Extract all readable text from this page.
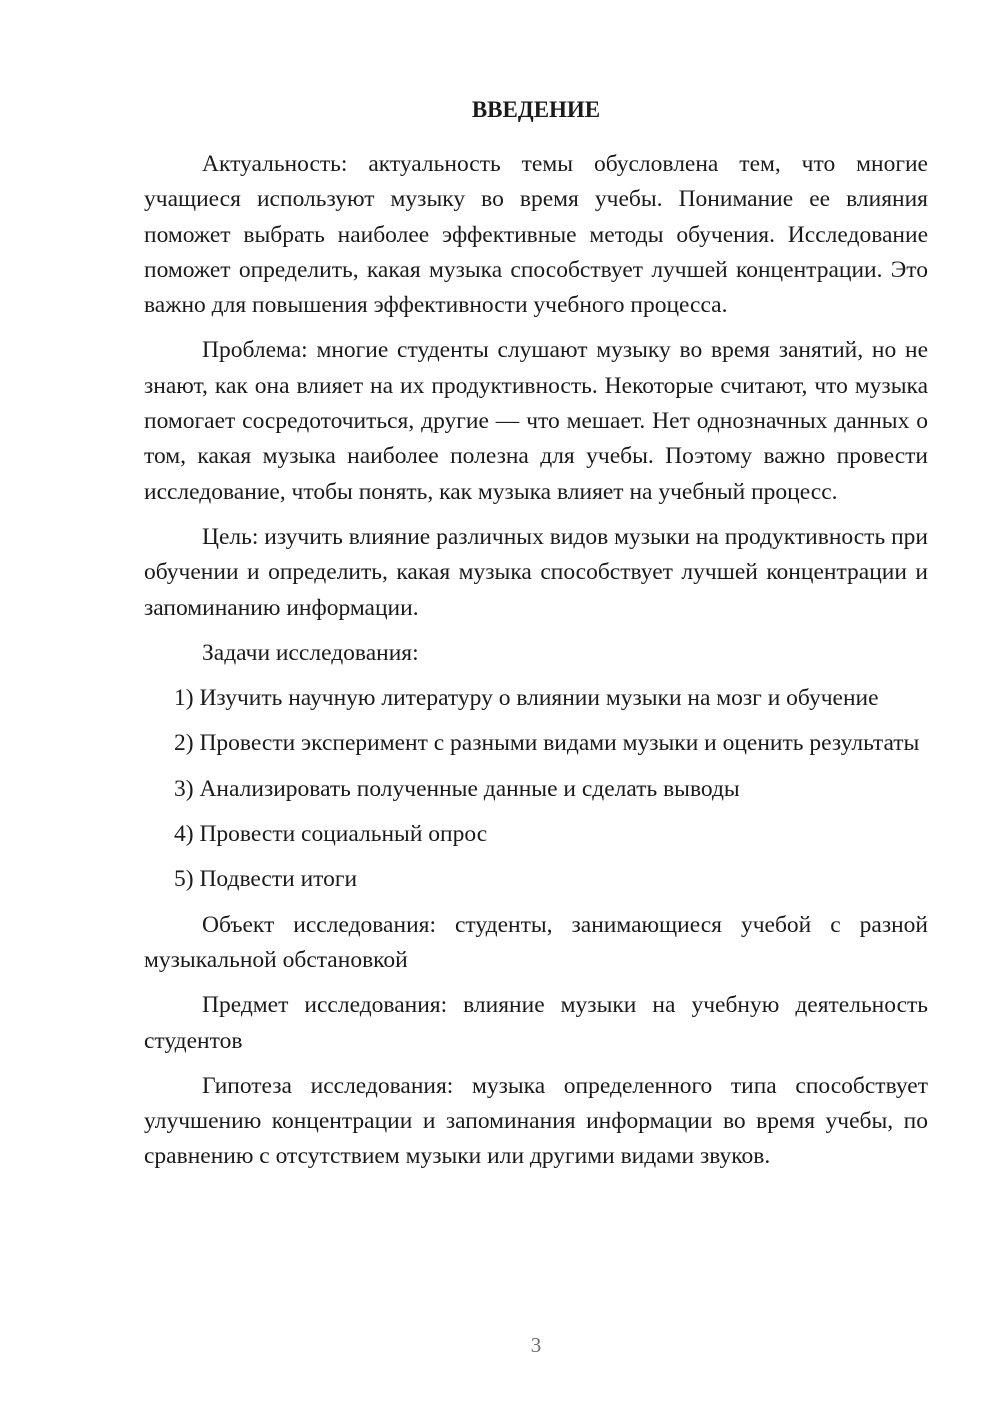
ВВЕДЕНИЕ

Актуальность: актуальность темы обусловлена тем, что многие учащиеся используют музыку во время учебы. Понимание ее влияния поможет выбрать наиболее эффективные методы обучения. Исследование поможет определить, какая музыка способствует лучшей концентрации. Это важно для повышения эффективности учебного процесса.

Проблема: многие студенты слушают музыку во время занятий, но не знают, как она влияет на их продуктивность. Некоторые считают, что музыка помогает сосредоточиться, другие — что мешает. Нет однозначных данных о том, какая музыка наиболее полезна для учебы. Поэтому важно провести исследование, чтобы понять, как музыка влияет на учебный процесс.

Цель: изучить влияние различных видов музыки на продуктивность при обучении и определить, какая музыка способствует лучшей концентрации и запоминанию информации.

Задачи исследования:

1) Изучить научную литературу о влиянии музыки на мозг и обучение

2) Провести эксперимент с разными видами музыки и оценить результаты

3) Анализировать полученные данные и сделать выводы

4) Провести социальный опрос

5) Подвести итоги

Объект исследования: студенты, занимающиеся учебой с разной музыкальной обстановкой

Предмет исследования: влияние музыки на учебную деятельность студентов

Гипотеза исследования: музыка определенного типа способствует улучшению концентрации и запоминания информации во время учебы, по сравнению с отсутствием музыки или другими видами звуков.

3
